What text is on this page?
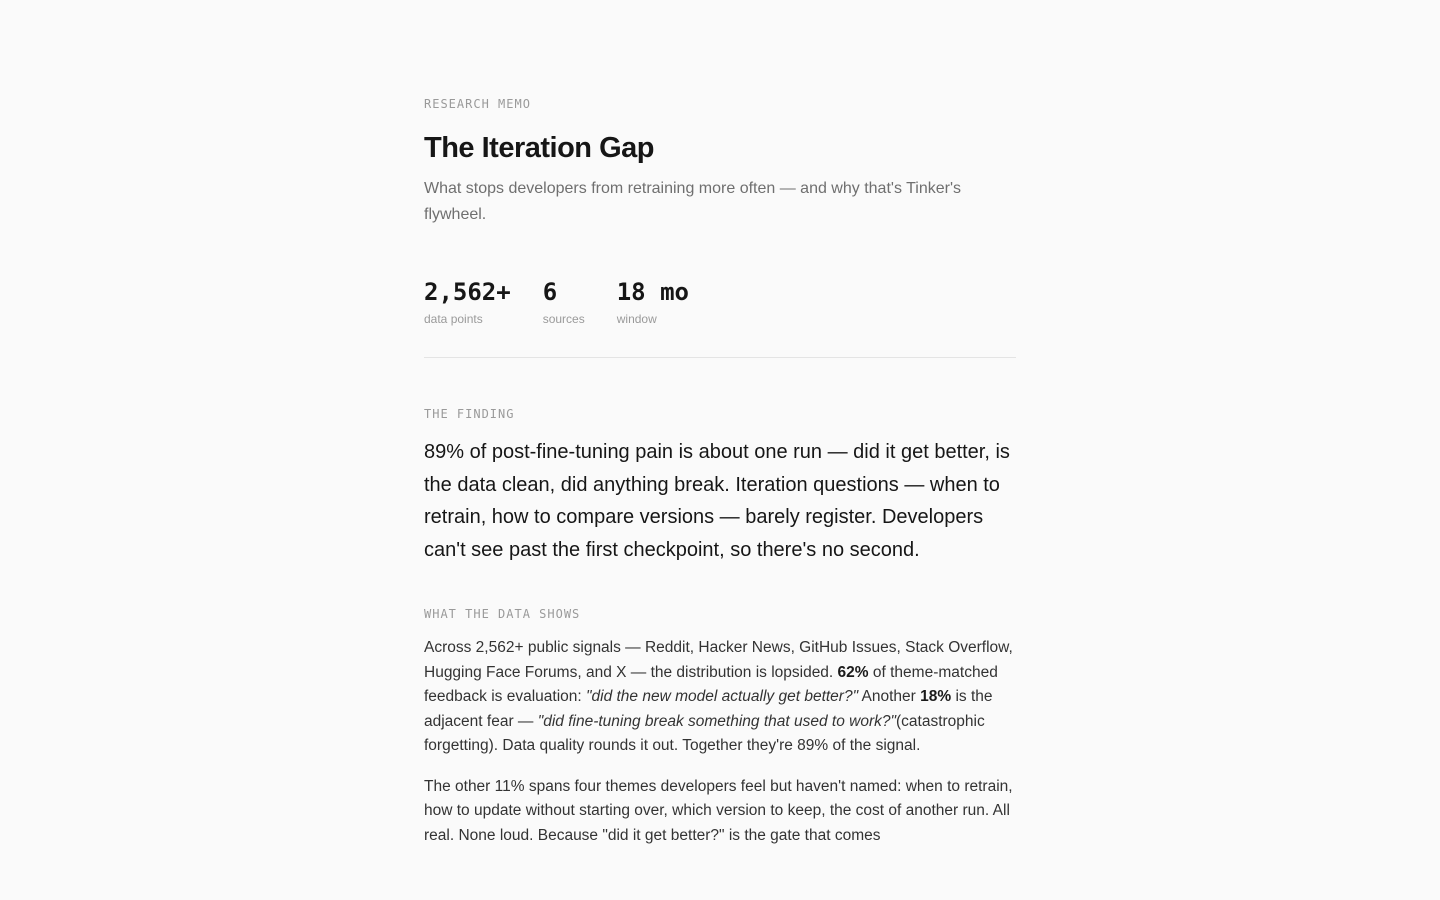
RESEARCH MEMO
The Iteration Gap
What stops developers from retraining more often — and why that's Tinker's flywheel.
2,562+
data points
6
sources
18 mo
window
THE FINDING
89% of post-fine-tuning pain is about one run — did it get better, is the data clean, did anything break. Iteration questions — when to retrain, how to compare versions — barely register. Developers can't see past the first checkpoint, so there's no second.
WHAT THE DATA SHOWS

Across 2,562+ public signals — Reddit, Hacker News, GitHub Issues, Stack Overflow, Hugging Face Forums, and X — the distribution is lopsided. 62% of theme-matched feedback is evaluation: "did the new model actually get better?" Another 18% is the adjacent fear — "did fine-tuning break something that used to work?"(catastrophic forgetting). Data quality rounds it out. Together they're 89% of the signal.

The other 11% spans four themes developers feel but haven't named: when to retrain, how to update without starting over, which version to keep, the cost of another run. All real. None loud. Because "did it get better?" is the gate that comes
